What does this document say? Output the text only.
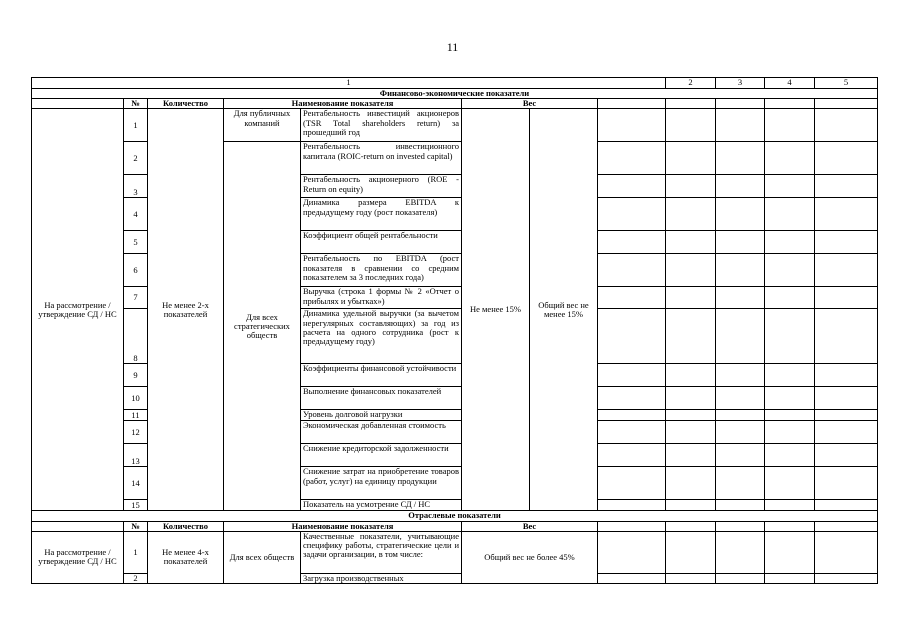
11
1								2	3	4	5
Финансово-экономические показатели											
	№	Количество	Наименование показателя		Вес						
На рассмотрение /утверждение СД / НС	1	Не менее 2-х показателей	Для публичных компаний	Рентабельность инвестиций акционеров (TSR Total shareholders return) за прошедший год	Не менее 15%	Общий вес не менее 15%					
	2		Для всех стратегических обществ	Рентабельность инвестиционного капитала (ROIC-return on invested capital)							
	3			Рентабельность акционерного (ROE - Return on equity)							
	4			Динамика размера EBITDA к предыдущему году (рост показателя)							
	5			Коэффициент общей рентабельности							
	6			Рентабельность по EBITDA (рост показателя в сравнении со средним показателем за 3 последних года)							
	7			Выручка (строка 1 формы № 2 «Отчет о прибылях и убытках»)							
	8			Динамика удельной выручки (за вычетом нерегулярных составляющих) за год из расчета на одного сотрудника (рост к предыдущему году)							
	9			Коэффициенты финансовой устойчивости							
	10			Выполнение финансовых показателей							
	11			Уровень долговой нагрузки							
	12			Экономическая добавленная стоимость							
	13			Снижение кредиторской задолженности							
	14			Снижение затрат на приобретение товаров (работ, услуг) на единицу продукции							
	15			Показатель на усмотрение СД / НС							
Отраслевые показатели											
	№	Количество	Наименование показателя		Вес						
На рассмотрение /утверждение СД / НС	1	Не менее 4-х показателей	Для всех обществ	Качественные показатели, учитывающие специфику работы, стратегические цели и задачи организации, в том числе:	Общий вес не более 45%						
	2			Загрузка производственных							
